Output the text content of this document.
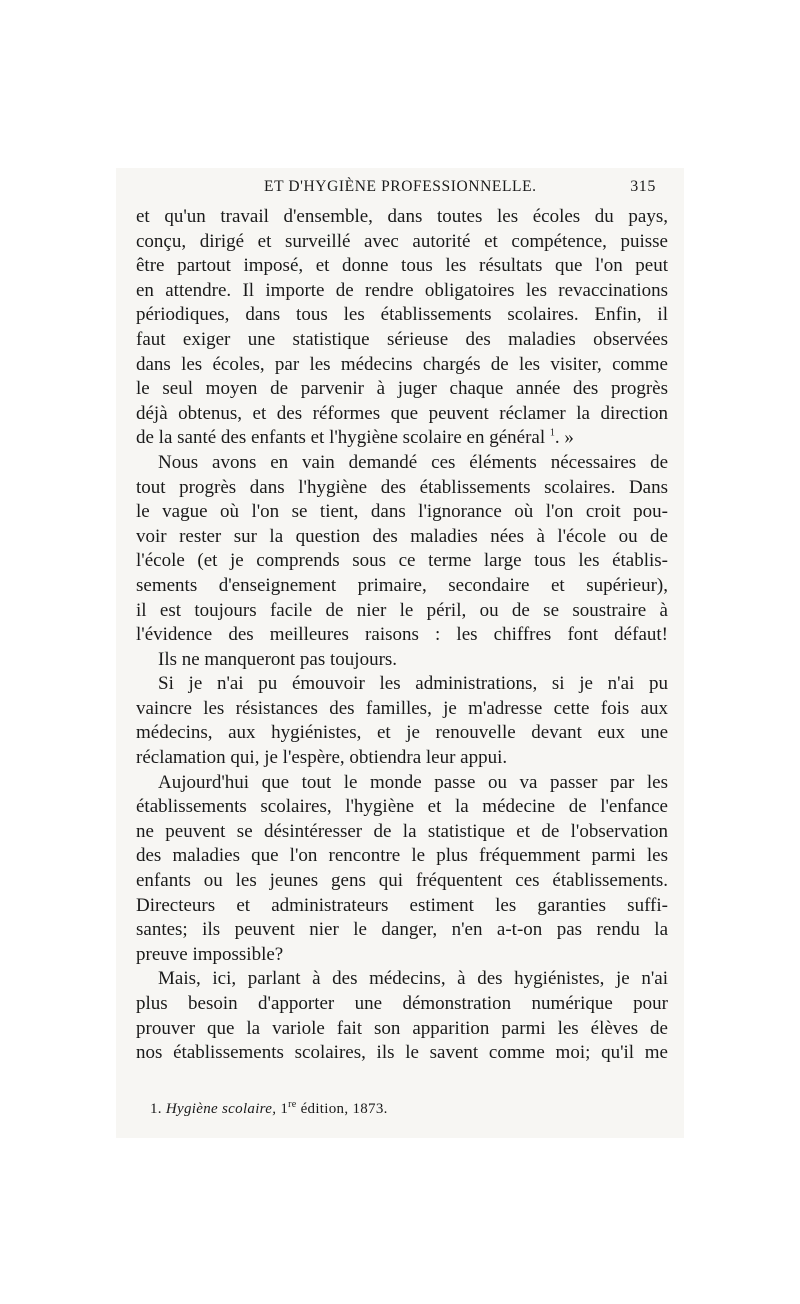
ET D'HYGIÈNE PROFESSIONNELLE.	315
et qu'un travail d'ensemble, dans toutes les écoles du pays,
conçu, dirigé et surveillé avec autorité et compétence, puisse
être partout imposé, et donne tous les résultats que l'on peut
en attendre. Il importe de rendre obligatoires les revaccinations
périodiques, dans tous les établissements scolaires. Enfin, il
faut exiger une statistique sérieuse des maladies observées
dans les écoles, par les médecins chargés de les visiter, comme
le seul moyen de parvenir à juger chaque année des progrès
déjà obtenus, et des réformes que peuvent réclamer la direction
de la santé des enfants et l'hygiène scolaire en général $^1$. »
Nous avons en vain demandé ces éléments nécessaires de
tout progrès dans l'hygiène des établissements scolaires. Dans
le vague où l'on se tient, dans l'ignorance où l'on croit pou-
voir rester sur la question des maladies nées à l'école ou de
l'école (et je comprends sous ce terme large tous les établis-
sements d'enseignement primaire, secondaire et supérieur),
il est toujours facile de nier le péril, ou de se soustraire à
l'évidence des meilleures raisons : les chiffres font défaut!
Ils ne manqueront pas toujours.
Si je n'ai pu émouvoir les administrations, si je n'ai pu
vaincre les résistances des familles, je m'adresse cette fois aux
médecins, aux hygiénistes, et je renouvelle devant eux une
réclamation qui, je l'espère, obtiendra leur appui.
Aujourd'hui que tout le monde passe ou va passer par les
établissements scolaires, l'hygiène et la médecine de l'enfance
ne peuvent se désintéresser de la statistique et de l'observation
des maladies que l'on rencontre le plus fréquemment parmi les
enfants ou les jeunes gens qui fréquentent ces établissements.
Directeurs et administrateurs estiment les garanties suffi-
santes; ils peuvent nier le danger, n'en a-t-on pas rendu la
preuve impossible?
Mais, ici, parlant à des médecins, à des hygiénistes, je n'ai
plus besoin d'apporter une démonstration numérique pour
prouver que la variole fait son apparition parmi les élèves de
nos établissements scolaires, ils le savent comme moi; qu'il me
1. Hygiène scolaire, 1re édition, 1873.
